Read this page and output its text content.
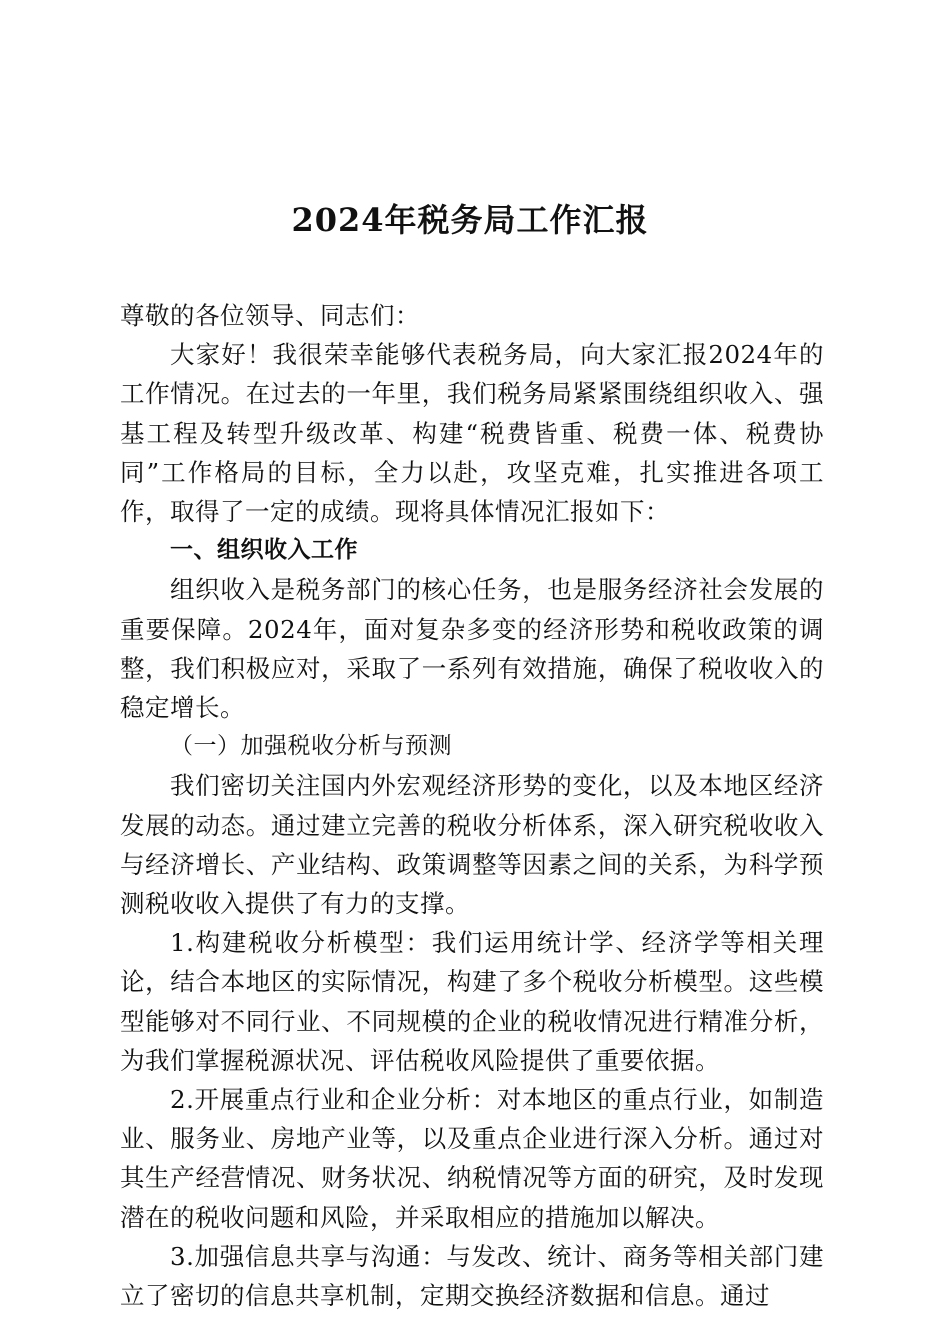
2024年税务局工作汇报

尊敬的各位领导、同志们：

大家好！我很荣幸能够代表税务局，向大家汇报2024年的工作情况。在过去的一年里，我们税务局紧紧围绕组织收入、强基工程及转型升级改革、构建“税费皆重、税费一体、税费协同”工作格局的目标，全力以赴，攻坚克难，扎实推进各项工作，取得了一定的成绩。现将具体情况汇报如下：

一、组织收入工作

组织收入是税务部门的核心任务，也是服务经济社会发展的重要保障。2024年，面对复杂多变的经济形势和税收政策的调整，我们积极应对，采取了一系列有效措施，确保了税收收入的稳定增长。

（一）加强税收分析与预测

我们密切关注国内外宏观经济形势的变化，以及本地区经济发展的动态。通过建立完善的税收分析体系，深入研究税收收入与经济增长、产业结构、政策调整等因素之间的关系，为科学预测税收收入提供了有力的支撑。

1.构建税收分析模型：我们运用统计学、经济学等相关理论，结合本地区的实际情况，构建了多个税收分析模型。这些模型能够对不同行业、不同规模的企业的税收情况进行精准分析，为我们掌握税源状况、评估税收风险提供了重要依据。

2.开展重点行业和企业分析：对本地区的重点行业，如制造业、服务业、房地产业等，以及重点企业进行深入分析。通过对其生产经营情况、财务状况、纳税情况等方面的研究，及时发现潜在的税收问题和风险，并采取相应的措施加以解决。

3.加强信息共享与沟通：与发改、统计、商务等相关部门建立了密切的信息共享机制，定期交换经济数据和信息。通过
